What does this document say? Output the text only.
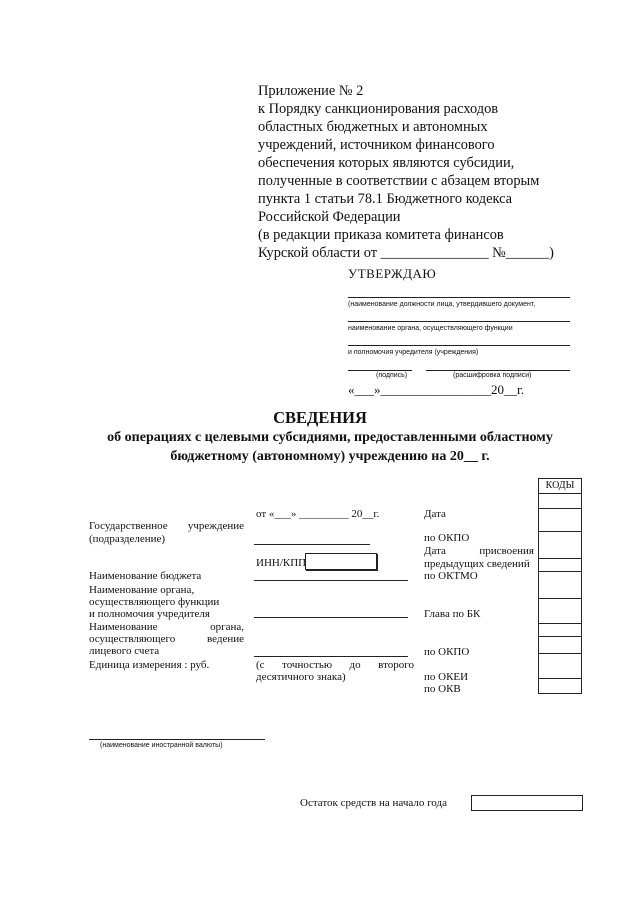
Приложение № 2
к Порядку санкционирования расходов
областных бюджетных и автономных
учреждений, источником финансового
обеспечения которых являются субсидии,
полученные в соответствии с абзацем вторым
пункта 1 статьи 78.1 Бюджетного кодекса
Российской Федерации
(в редакции приказа комитета финансов
Курской области от _______________ №______)
УТВЕРЖДАЮ
(наименование должности лица, утвердившего документ,
наименование органа, осуществляющего функции
и полномочия учредителя (учреждения)
(подпись)	(расшифровка подписи)
«___»_________________20__г.
СВЕДЕНИЯ
об операциях с целевыми субсидиями, предоставленными областному
бюджетному (автономному) учреждению на 20__ г.
КОДЫ
от «___» _________ 20__г.
Государственное учреждение
(подразделение)
ИНН/КПП
Наименование бюджета
Наименование органа,
осуществляющего функции
и полномочия учредителя
Наименование органа,
осуществляющего ведение
лицевого счета
Единица измерения : руб.	(с точностью до второго
десятичного знака)
Дата
по ОКПО
Дата присвоения
предыдущих сведений
по ОКТМО
Глава по БК
по ОКПО
по ОКЕИ
по ОКВ
(наименование иностранной валюты)
Остаток средств на начало года
